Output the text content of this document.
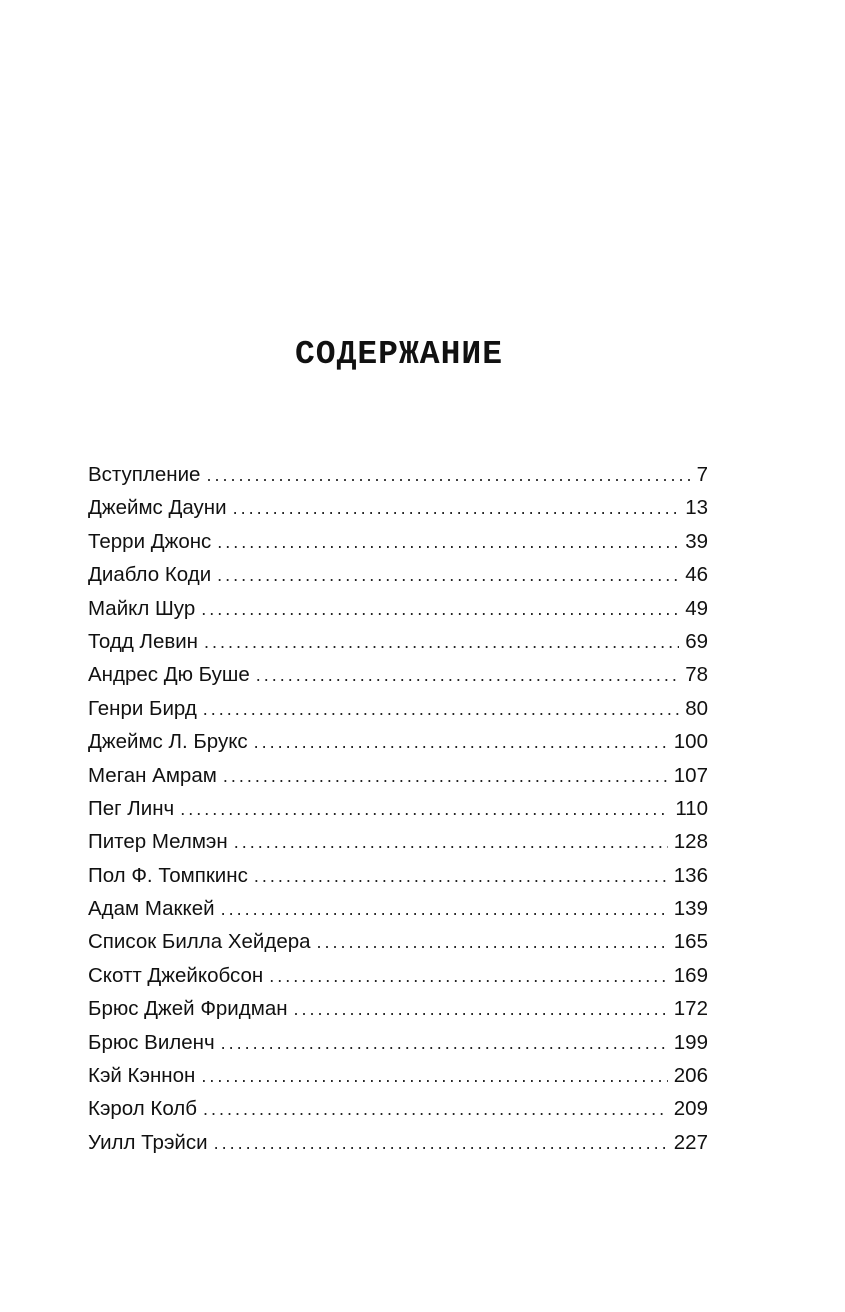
СОДЕРЖАНИЕ
Вступление . . .	7
Джеймс Дауни . . .	13
Терри Джонс . . .	39
Диабло Коди . . .	46
Майкл Шур . . .	49
Тодд Левин . . .	69
Андрес Дю Буше . . .	78
Генри Бирд . . .	80
Джеймс Л. Брукс . . .	100
Меган Амрам . . .	107
Пег Линч . . .	110
Питер Мелмэн . . .	128
Пол Ф. Томпкинс . . .	136
Адам Маккей . . .	139
Список Билла Хейдера . . .	165
Скотт Джейкобсон . . .	169
Брюс Джей Фридман . . .	172
Брюс Виленч . . .	199
Кэй Кэннон . . .	206
Кэрол Колб . . .	209
Уилл Трэйси . . .	227
